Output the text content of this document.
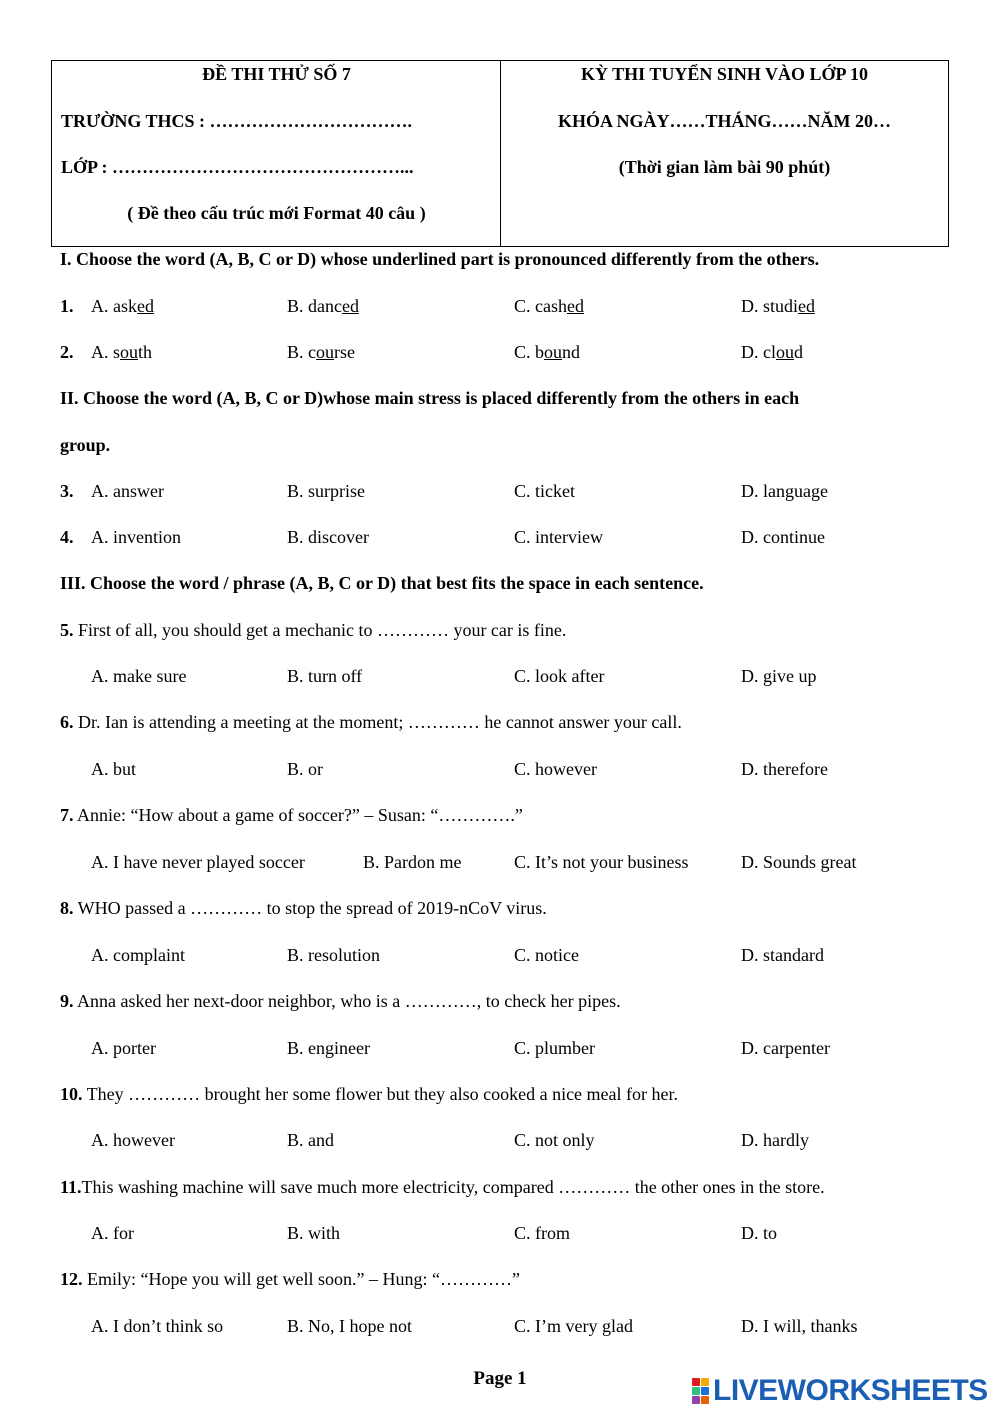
ĐỀ THI THỬ SỐ 7
TRƯỜNG THCS : …………………………….
LỚP : …………………………………………...
( Đề theo cấu trúc mới Format 40 câu )
KỲ THI TUYỂN SINH VÀO LỚP 10
KHÓA NGÀY……THÁNG……NĂM 20…
(Thời gian làm bài 90 phút)
I. Choose the word (A, B, C or D) whose underlined part is pronounced differently from the others.
1. A. asked	B. danced	C. cashed	D. studied
2. A. south	B. course	C. bound	D. cloud
II. Choose the word (A, B, C or D)whose main stress is placed differently from the others in each
group.
3. A. answer	B. surprise	C. ticket	D. language
4. A. invention	B. discover	C. interview	D. continue
III. Choose the word / phrase (A, B, C or D) that best fits the space in each sentence.
5. First of all, you should get a mechanic to ………… your car is fine.
A. make sure	B. turn off	C. look after	D. give up
6. Dr. Ian is attending a meeting at the moment; ………… he cannot answer your call.
A. but	B. or	C. however	D. therefore
7. Annie: “How about a game of soccer?” – Susan: “………….”
A. I have never played soccer	B. Pardon me	C. It’s not your business	D. Sounds great
8. WHO passed a ………… to stop the spread of 2019-nCoV virus.
A. complaint	B. resolution	C. notice	D. standard
9. Anna asked her next-door neighbor, who is a …………, to check her pipes.
A. porter	B. engineer	C. plumber	D. carpenter
10. They ………… brought her some flower but they also cooked a nice meal for her.
A. however	B. and	C. not only	D. hardly
11.This washing machine will save much more electricity, compared ………… the other ones in the store.
A. for	B. with	C. from	D. to
12. Emily: “Hope you will get well soon.” – Hung: “…………”
A. I don’t think so	B. No, I hope not	C. I’m very glad	D. I will, thanks
Page 1	LIVEWORKSHEETS
